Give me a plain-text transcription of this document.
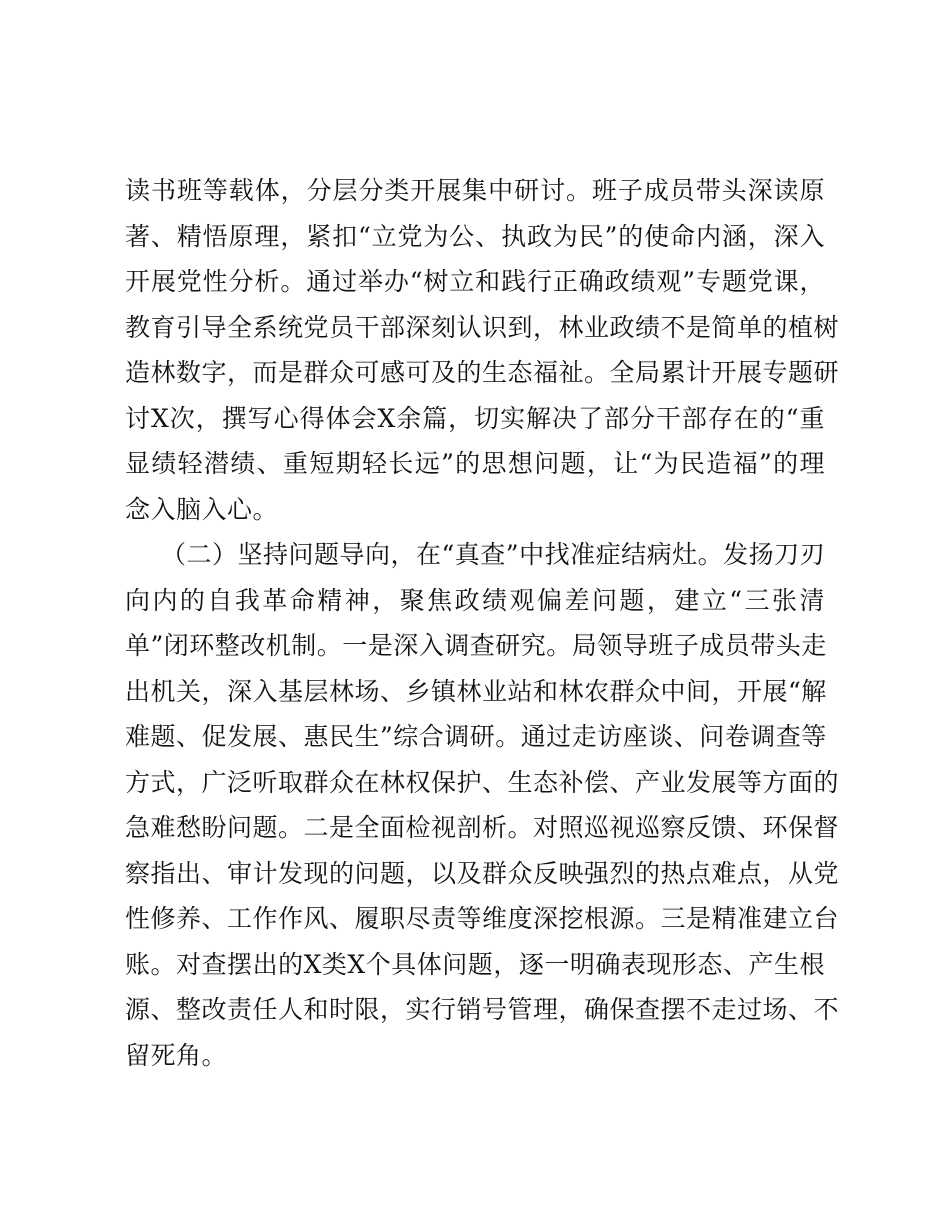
读书班等载体，分层分类开展集中研讨。班子成员带头深读原
著、精悟原理，紧扣“立党为公、执政为民”的使命内涵，深入
开展党性分析。通过举办“树立和践行正确政绩观”专题党课，
教育引导全系统党员干部深刻认识到，林业政绩不是简单的植树
造林数字，而是群众可感可及的生态福祉。全局累计开展专题研
讨X次，撰写心得体会X余篇，切实解决了部分干部存在的“重
显绩轻潜绩、重短期轻长远”的思想问题，让“为民造福”的理
念入脑入心。
（二）坚持问题导向，在“真查”中找准症结病灶。发扬刀刃
向内的自我革命精神，聚焦政绩观偏差问题，建立“三张清
单”闭环整改机制。一是深入调查研究。局领导班子成员带头走
出机关，深入基层林场、乡镇林业站和林农群众中间，开展“解
难题、促发展、惠民生”综合调研。通过走访座谈、问卷调查等
方式，广泛听取群众在林权保护、生态补偿、产业发展等方面的
急难愁盼问题。二是全面检视剖析。对照巡视巡察反馈、环保督
察指出、审计发现的问题，以及群众反映强烈的热点难点，从党
性修养、工作作风、履职尽责等维度深挖根源。三是精准建立台
账。对查摆出的X类X个具体问题，逐一明确表现形态、产生根
源、整改责任人和时限，实行销号管理，确保查摆不走过场、不
留死角。
